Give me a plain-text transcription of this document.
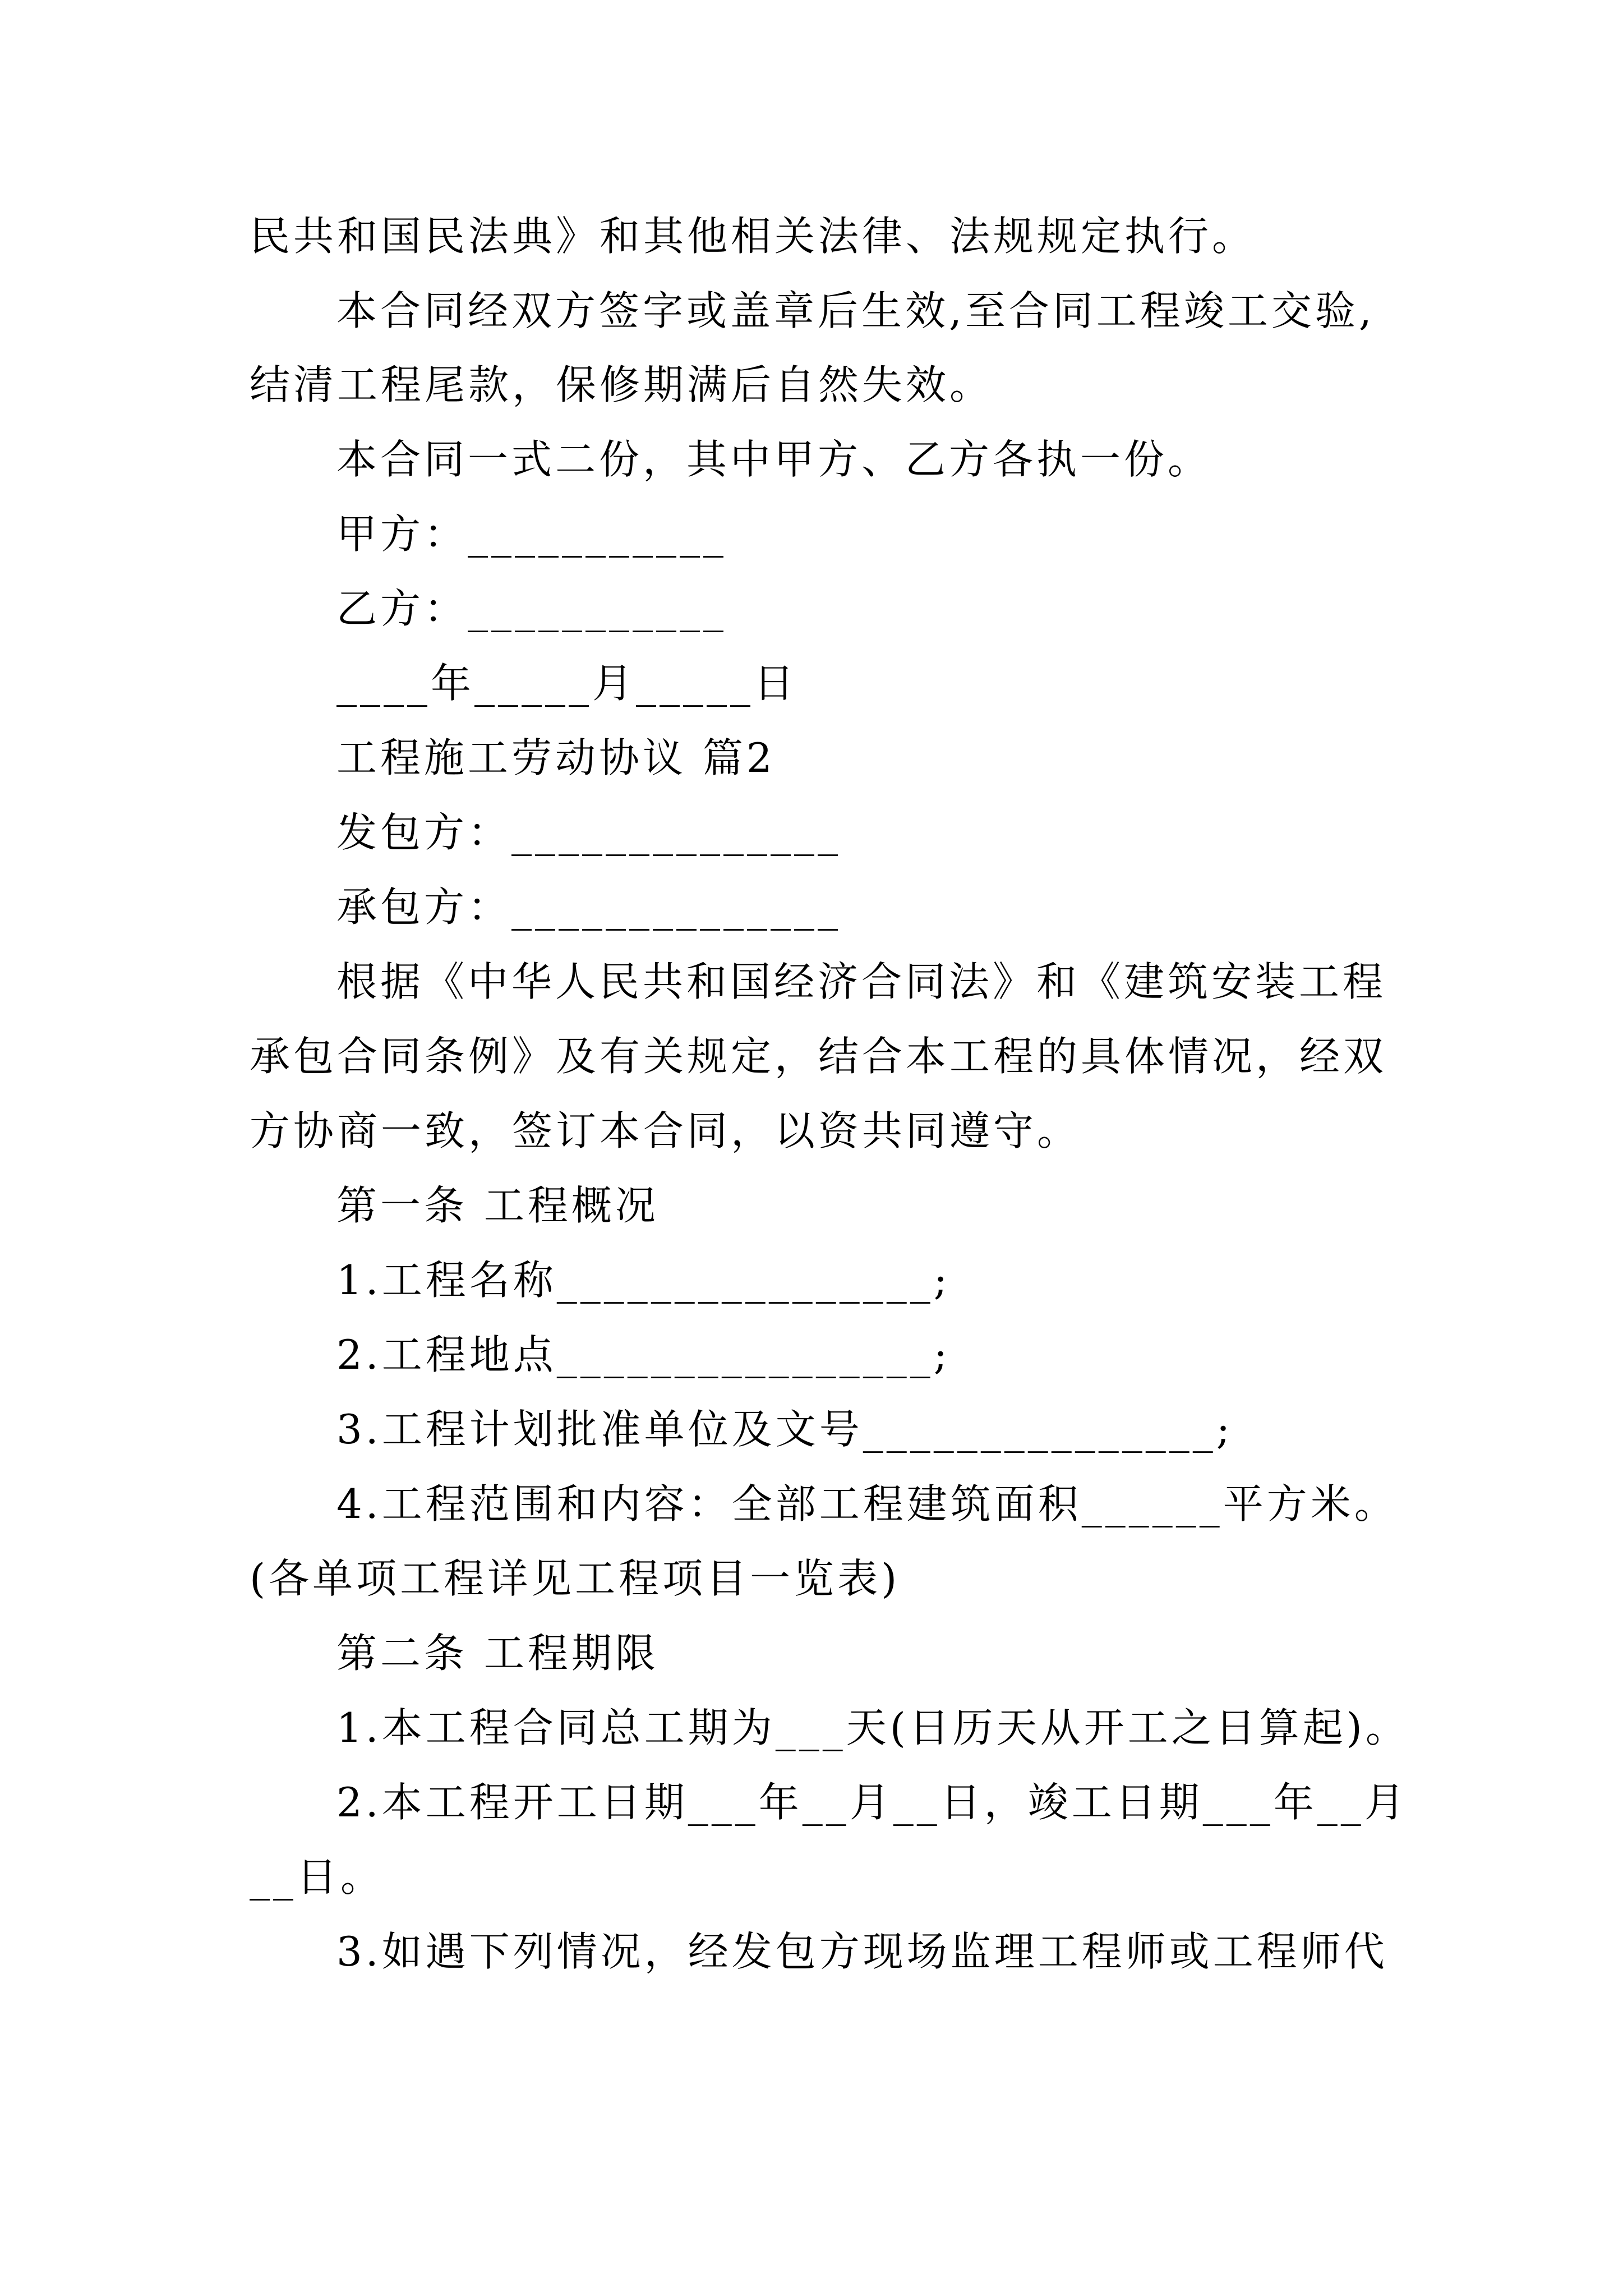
民共和国民法典》和其他相关法律、法规规定执行。
本合同经双方签字或盖章后生效,至合同工程竣工交验,
结清工程尾款，保修期满后自然失效。
本合同一式二份，其中甲方、乙方各执一份。
甲方：___________
乙方：___________
____年_____月_____日
工程施工劳动协议 篇2
发包方：______________
承包方：______________
根据《中华人民共和国经济合同法》和《建筑安装工程
承包合同条例》及有关规定，结合本工程的具体情况，经双
方协商一致，签订本合同，以资共同遵守。
第一条 工程概况
1.工程名称________________;
2.工程地点________________;
3.工程计划批准单位及文号_______________;
4.工程范围和内容：全部工程建筑面积______平方米。
(各单项工程详见工程项目一览表)
第二条 工程期限
1.本工程合同总工期为___天(日历天从开工之日算起)。
2.本工程开工日期___年__月__日，竣工日期___年__月
__日。
3.如遇下列情况，经发包方现场监理工程师或工程师代
